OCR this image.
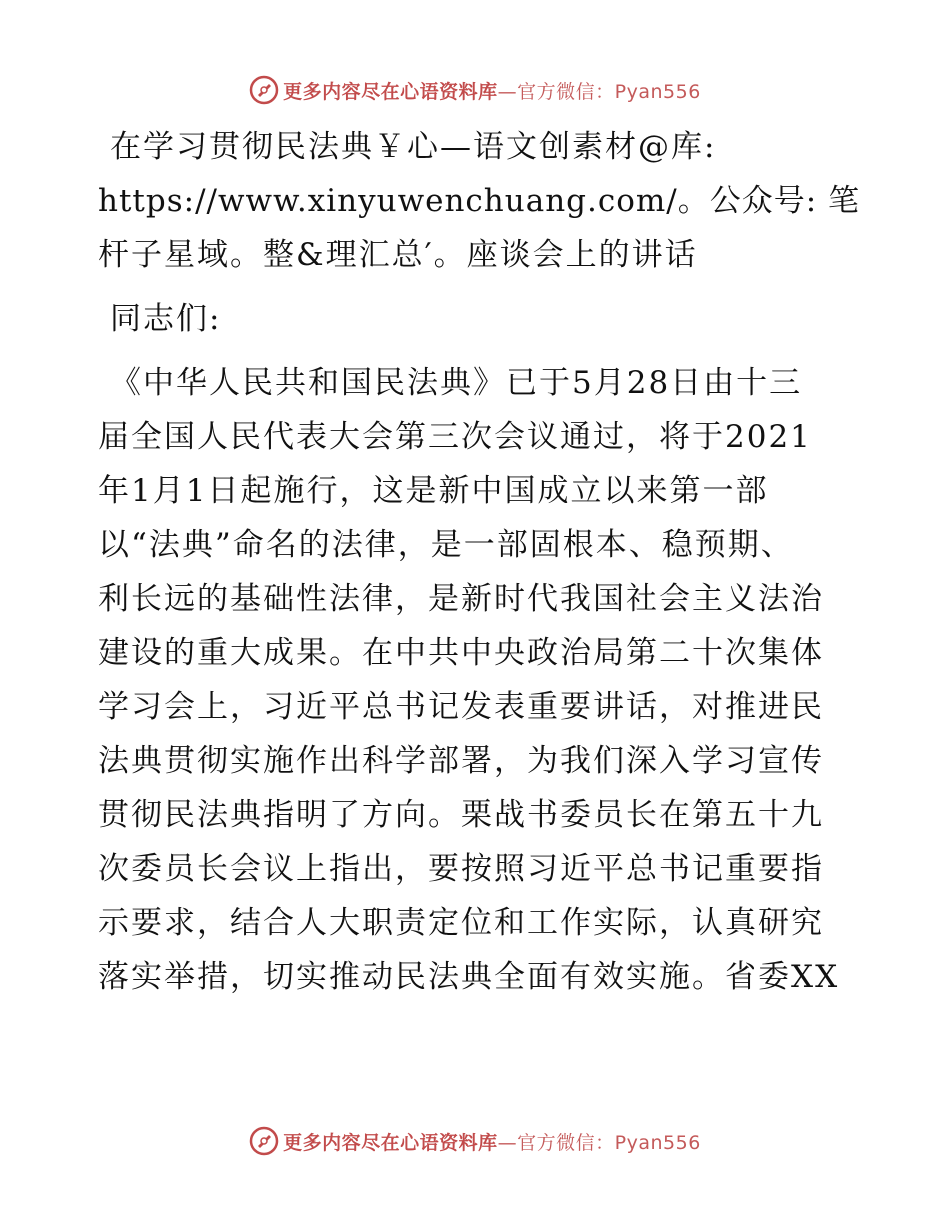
更多内容尽在心语资料库—官方微信：Pyan556
在学习贯彻民法典￥心—语文创素材@库:
https://www.xinyuwenchuang.com/。公众号: 笔
杆子星域。整&理汇总′。座谈会上的讲话
同志们:
《中华人民共和国民法典》已于5月28日由十三
届全国人民代表大会第三次会议通过，将于2021
年1月1日起施行，这是新中国成立以来第一部
以“法典”命名的法律，是一部固根本、稳预期、
利长远的基础性法律，是新时代我国社会主义法治
建设的重大成果。在中共中央政治局第二十次集体
学习会上，习近平总书记发表重要讲话，对推进民
法典贯彻实施作出科学部署，为我们深入学习宣传
贯彻民法典指明了方向。栗战书委员长在第五十九
次委员长会议上指出，要按照习近平总书记重要指
示要求，结合人大职责定位和工作实际，认真研究
落实举措，切实推动民法典全面有效实施。省委XX
更多内容尽在心语资料库—官方微信：Pyan556
